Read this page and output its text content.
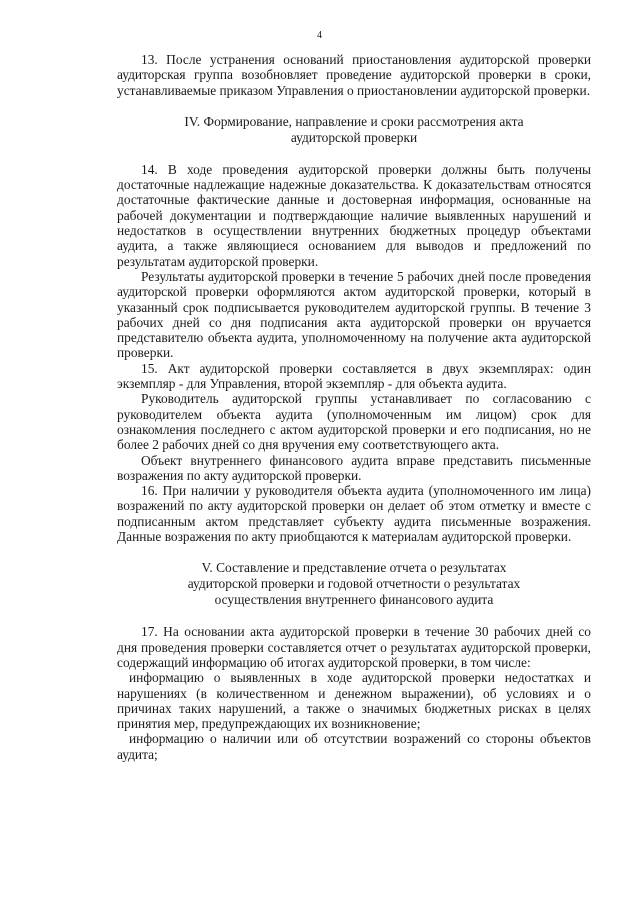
4

13. После устранения оснований приостановления аудиторской проверки аудиторская группа возобновляет проведение аудиторской проверки в сроки, устанавливаемые приказом Управления о приостановлении аудиторской проверки.

IV. Формирование, направление и сроки рассмотрения акта
аудиторской проверки

14. В ходе проведения аудиторской проверки должны быть получены достаточные надлежащие надежные доказательства. К доказательствам относятся достаточные фактические данные и достоверная информация, основанные на рабочей документации и подтверждающие наличие выявленных нарушений и недостатков в осуществлении внутренних бюджетных процедур объектами аудита, а также являющиеся основанием для выводов и предложений по результатам аудиторской проверки.

Результаты аудиторской проверки в течение 5 рабочих дней после проведения аудиторской проверки оформляются актом аудиторской проверки, который в указанный срок подписывается руководителем аудиторской группы. В течение 3 рабочих дней со дня подписания акта аудиторской проверки он вручается представителю объекта аудита, уполномоченному на получение акта аудиторской проверки.

15. Акт аудиторской проверки составляется в двух экземплярах: один экземпляр - для Управления, второй экземпляр - для объекта аудита.

Руководитель аудиторской группы устанавливает по согласованию с руководителем объекта аудита (уполномоченным им лицом) срок для ознакомления последнего с актом аудиторской проверки и его подписания, но не более 2 рабочих дней со дня вручения ему соответствующего акта.

Объект внутреннего финансового аудита вправе представить письменные возражения по акту аудиторской проверки.

16. При наличии у руководителя объекта аудита (уполномоченного им лица) возражений по акту аудиторской проверки он делает об этом отметку и вместе с подписанным актом представляет субъекту аудита письменные возражения. Данные возражения по акту приобщаются к материалам аудиторской проверки.

V. Составление и представление отчета о результатах
аудиторской проверки и годовой отчетности о результатах
осуществления внутреннего финансового аудита

17. На основании акта аудиторской проверки в течение 30 рабочих дней со дня проведения проверки составляется отчет о результатах аудиторской проверки, содержащий информацию об итогах аудиторской проверки, в том числе:

информацию о выявленных в ходе аудиторской проверки недостатках и нарушениях (в количественном и денежном выражении), об условиях и о причинах таких нарушений, а также о значимых бюджетных рисках в целях принятия мер, предупреждающих их возникновение;

информацию о наличии или об отсутствии возражений со стороны объектов аудита;
